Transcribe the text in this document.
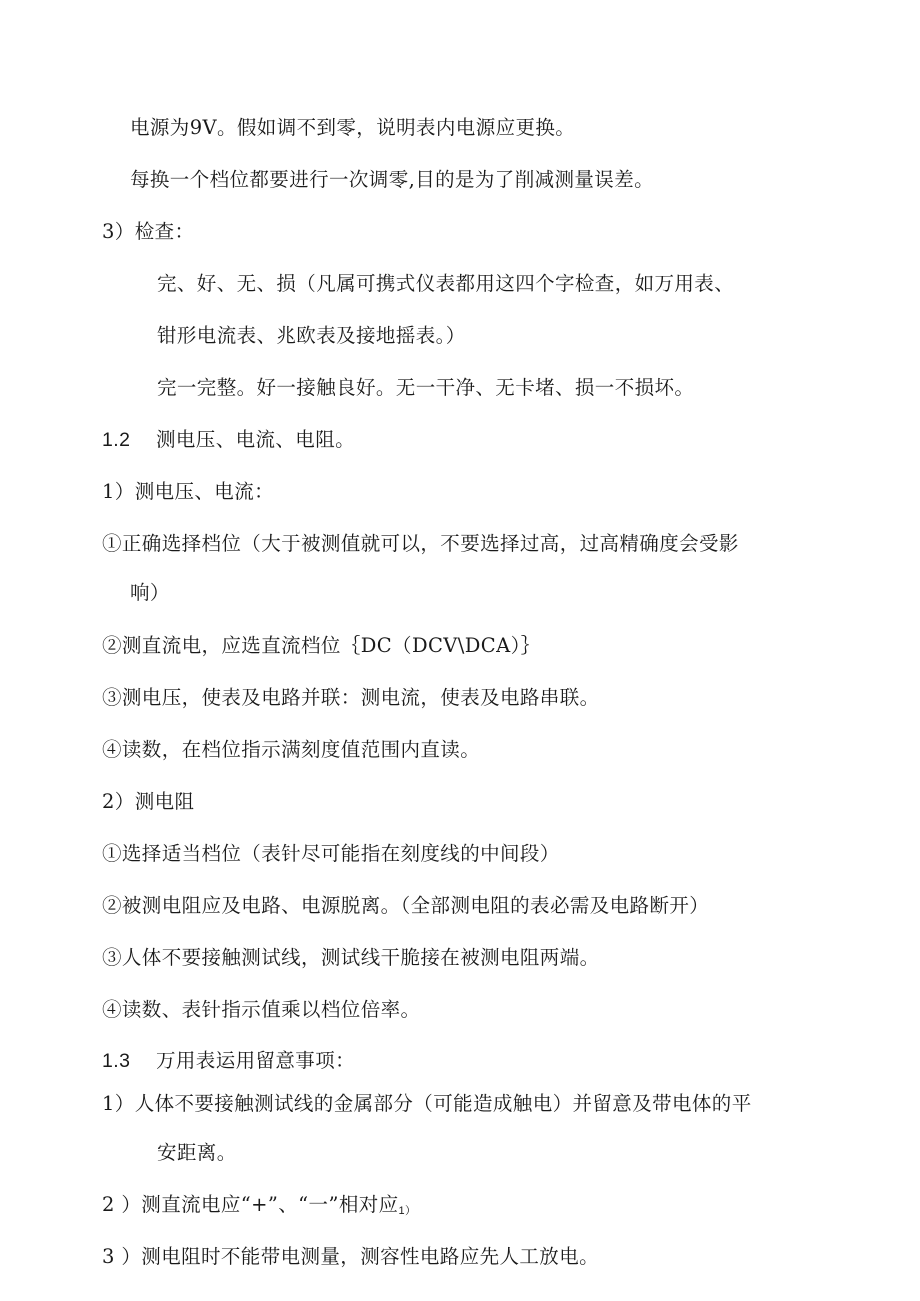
电源为9V。假如调不到零，说明表内电源应更换。
每换一个档位都要进行一次调零,目的是为了削减测量误差。
3）检查：
完、好、无、损（凡属可携式仪表都用这四个字检查，如万用表、
钳形电流表、兆欧表及接地摇表。）
完一完整。好一接触良好。无一干净、无卡堵、损一不损坏。
1.2 测电压、电流、电阻。
1）测电压、电流：
①正确选择档位（大于被测值就可以，不要选择过高，过高精确度会受影
响）
②测直流电，应选直流档位｛DC（DCV\DCA）｝
③测电压，使表及电路并联：测电流，使表及电路串联。
④读数，在档位指示满刻度值范围内直读。
2）测电阻
①选择适当档位（表针尽可能指在刻度线的中间段）
②被测电阻应及电路、电源脱离。（全部测电阻的表必需及电路断开）
③人体不要接触测试线，测试线干脆接在被测电阻两端。
④读数、表针指示值乘以档位倍率。
1.3 万用表运用留意事项：
1）人体不要接触测试线的金属部分（可能造成触电）并留意及带电体的平
安距离。
2 ）测直流电应“+”、“一”相对应$_{1)}$
3 ）测电阻时不能带电测量，测容性电路应先人工放电。
